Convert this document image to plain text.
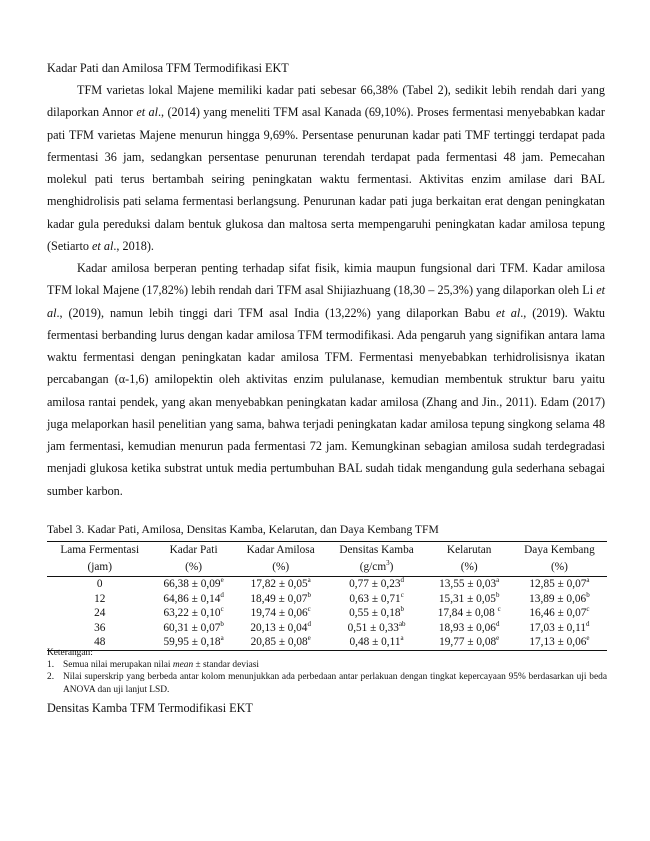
Kadar Pati dan Amilosa TFM Termodifikasi EKT

TFM varietas lokal Majene memiliki kadar pati sebesar 66,38% (Tabel 2), sedikit lebih rendah dari yang dilaporkan Annor et al., (2014) yang meneliti TFM asal Kanada (69,10%). Proses fermentasi menyebabkan kadar pati TFM varietas Majene menurun hingga 9,69%. Persentase penurunan kadar pati TMF tertinggi terdapat pada fermentasi 36 jam, sedangkan persentase penurunan terendah terdapat pada fermentasi 48 jam. Pemecahan molekul pati terus bertambah seiring peningkatan waktu fermentasi. Aktivitas enzim amilase dari BAL menghidrolisis pati selama fermentasi berlangsung. Penurunan kadar pati juga berkaitan erat dengan peningkatan kadar gula pereduksi dalam bentuk glukosa dan maltosa serta mempengaruhi peningkatan kadar amilosa tepung (Setiarto et al., 2018).

Kadar amilosa berperan penting terhadap sifat fisik, kimia maupun fungsional dari TFM. Kadar amilosa TFM lokal Majene (17,82%) lebih rendah dari TFM asal Shijiazhuang (18,30 – 25,3%) yang dilaporkan oleh Li et al., (2019), namun lebih tinggi dari TFM asal India (13,22%) yang dilaporkan Babu et al., (2019). Waktu fermentasi berbanding lurus dengan kadar amilosa TFM termodifikasi. Ada pengaruh yang signifikan antara lama waktu fermentasi dengan peningkatan kadar amilosa TFM. Fermentasi menyebabkan terhidrolisisnya ikatan percabangan (α-1,6) amilopektin oleh aktivitas enzim pululanase, kemudian membentuk struktur baru yaitu amilosa rantai pendek, yang akan menyebabkan peningkatan kadar amilosa (Zhang and Jin., 2011). Edam (2017) juga melaporkan hasil penelitian yang sama, bahwa terjadi peningkatan kadar amilosa tepung singkong selama 48 jam fermentasi, kemudian menurun pada fermentasi 72 jam. Kemungkinan sebagian amilosa sudah terdegradasi menjadi glukosa ketika substrat untuk media pertumbuhan BAL sudah tidak mengandung gula sederhana sebagai sumber karbon.

Tabel 3. Kadar Pati, Amilosa, Densitas Kamba, Kelarutan, dan Daya Kembang TFM
Lama Fermentasi	Kadar Pati	Kadar Amilosa	Densitas Kamba	Kelarutan	Daya Kembang
(jam)	(%)	(%)	$(g/cm^3)$	(%)	(%)
0	66,38 ± 0,09$^e$	17,82 ± 0,05$^a$	0,77 ± 0,23$^d$	13,55 ± 0,03$^a$	12,85 ± 0,07$^a$
12	64,86 ± 0,14$^d$	18,49 ± 0,07$^b$	0,63 ± 0,71$^c$	15,31 ± 0,05$^b$	13,89 ± 0,06$^b$
24	63,22 ± 0,10$^c$	19,74 ± 0,06$^c$	0,55 ± 0,18$^b$	17,84 ± 0,08 $^c$	16,46 ± 0,07$^c$
36	60,31 ± 0,07$^b$	20,13 ± 0,04$^d$	0,51 ± 0,33$^{ab}$	18,93 ± 0,06$^d$	17,03 ± 0,11$^d$
48	59,95 ± 0,18$^a$	20,85 ± 0,08$^e$	0,48 ± 0,11$^a$	19,77 ± 0,08$^e$	17,13 ± 0,06$^e$
Keterangan:
1. Semua nilai merupakan nilai mean ± standar deviasi
2. Nilai superskrip yang berbeda antar kolom menunjukkan ada perbedaan antar perlakuan dengan tingkat kepercayaan 95% berdasarkan uji beda ANOVA dan uji lanjut LSD.
Densitas Kamba TFM Termodifikasi EKT
